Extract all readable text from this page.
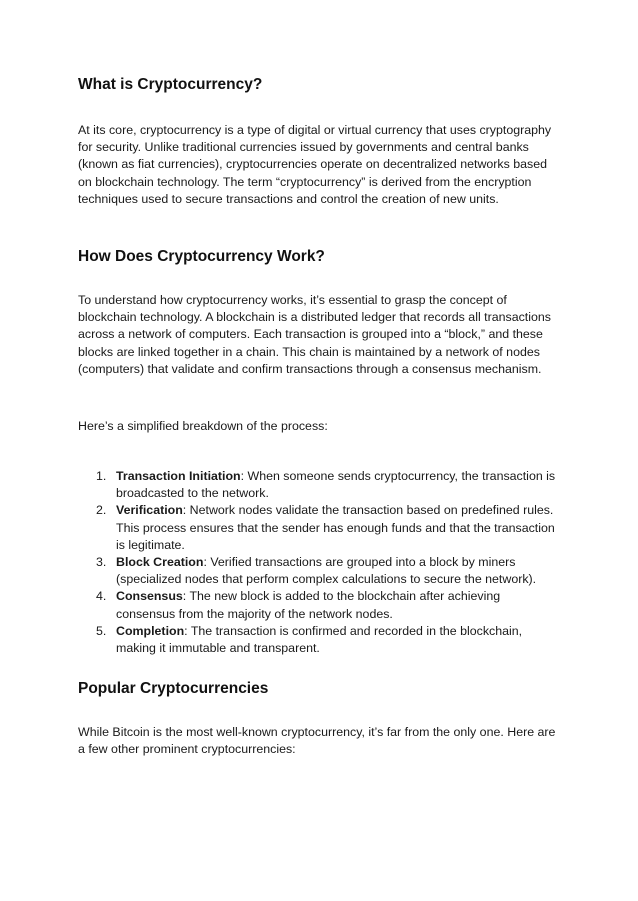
What is Cryptocurrency?

At its core, cryptocurrency is a type of digital or virtual currency that uses cryptography for security. Unlike traditional currencies issued by governments and central banks (known as fiat currencies), cryptocurrencies operate on decentralized networks based on blockchain technology. The term “cryptocurrency” is derived from the encryption techniques used to secure transactions and control the creation of new units.

How Does Cryptocurrency Work?

To understand how cryptocurrency works, it’s essential to grasp the concept of blockchain technology. A blockchain is a distributed ledger that records all transactions across a network of computers. Each transaction is grouped into a “block,” and these blocks are linked together in a chain. This chain is maintained by a network of nodes (computers) that validate and confirm transactions through a consensus mechanism.

Here’s a simplified breakdown of the process:

1. Transaction Initiation: When someone sends cryptocurrency, the transaction is broadcasted to the network.
2. Verification: Network nodes validate the transaction based on predefined rules. This process ensures that the sender has enough funds and that the transaction is legitimate.
3. Block Creation: Verified transactions are grouped into a block by miners (specialized nodes that perform complex calculations to secure the network).
4. Consensus: The new block is added to the blockchain after achieving consensus from the majority of the network nodes.
5. Completion: The transaction is confirmed and recorded in the blockchain, making it immutable and transparent.
Popular Cryptocurrencies

While Bitcoin is the most well-known cryptocurrency, it’s far from the only one. Here are a few other prominent cryptocurrencies:
